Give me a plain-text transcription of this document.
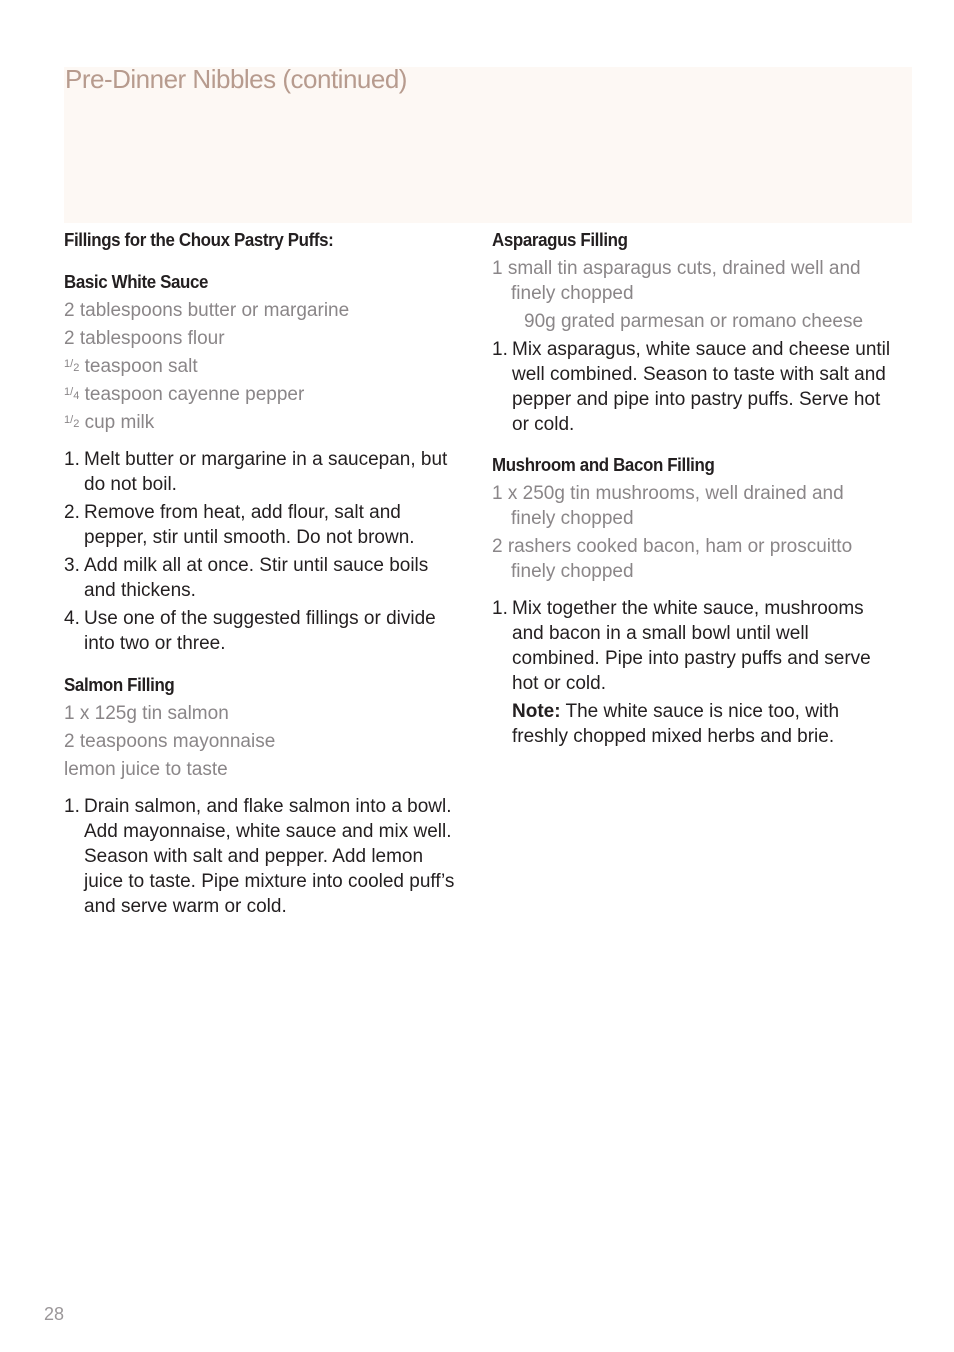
Pre-Dinner Nibbles (continued)
Fillings for the Choux Pastry Puffs:
Basic White Sauce
2 tablespoons butter or margarine
2 tablespoons flour
1/2 teaspoon salt
1/4 teaspoon cayenne pepper
1/2 cup milk
1. Melt butter or margarine in a saucepan, but do not boil.
2. Remove from heat, add flour, salt and pepper, stir until smooth. Do not brown.
3. Add milk all at once. Stir until sauce boils and thickens.
4. Use one of the suggested fillings or divide into two or three.
Salmon Filling
1 x 125g tin salmon
2 teaspoons mayonnaise
lemon juice to taste
1. Drain salmon, and flake salmon into a bowl. Add mayonnaise, white sauce and mix well. Season with salt and pepper. Add lemon juice to taste. Pipe mixture into cooled puff’s and serve warm or cold.
Asparagus Filling
1 small tin asparagus cuts, drained well and finely chopped
90g grated parmesan or romano cheese
1. Mix asparagus, white sauce and cheese until well combined. Season to taste with salt and pepper and pipe into pastry puffs. Serve hot or cold.
Mushroom and Bacon Filling
1 x 250g tin mushrooms, well drained and finely chopped
2 rashers cooked bacon, ham or proscuitto finely chopped
1. Mix together the white sauce, mushrooms and bacon in a small bowl until well combined. Pipe into pastry puffs and serve hot or cold.
Note: The white sauce is nice too, with freshly chopped mixed herbs and brie.
28
